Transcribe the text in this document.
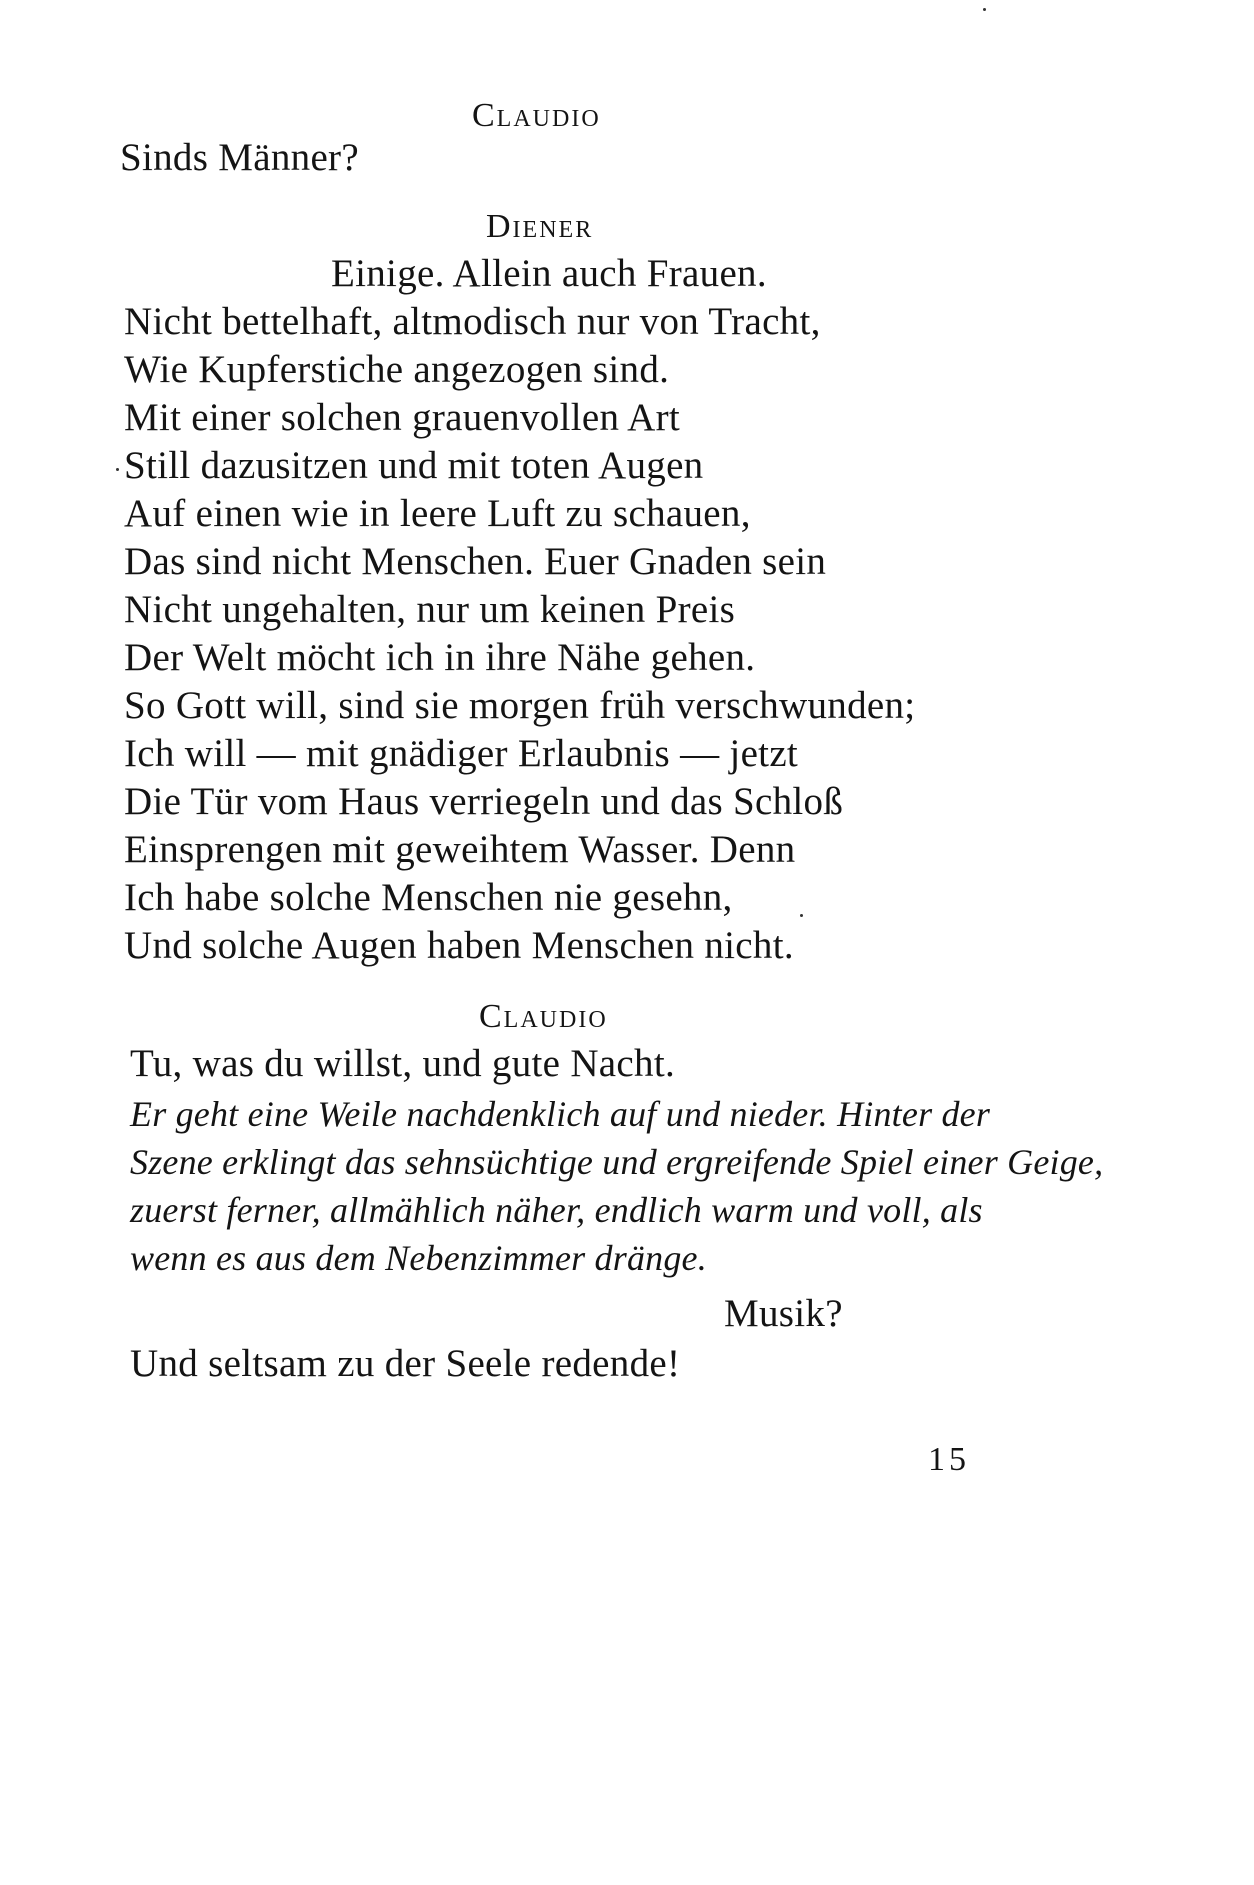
Claudio
Sinds Männer?
Diener
Einige. Allein auch Frauen.
Nicht bettelhaft, altmodisch nur von Tracht,
Wie Kupferstiche angezogen sind.
Mit einer solchen grauenvollen Art
Still dazusitzen und mit toten Augen
Auf einen wie in leere Luft zu schauen,
Das sind nicht Menschen. Euer Gnaden sein
Nicht ungehalten, nur um keinen Preis
Der Welt möcht ich in ihre Nähe gehen.
So Gott will, sind sie morgen früh verschwunden;
Ich will — mit gnädiger Erlaubnis — jetzt
Die Tür vom Haus verriegeln und das Schloß
Einsprengen mit geweihtem Wasser. Denn
Ich habe solche Menschen nie gesehn,
Und solche Augen haben Menschen nicht.
Claudio
Tu, was du willst, und gute Nacht.
Er geht eine Weile nachdenklich auf und nieder. Hinter der
Szene erklingt das sehnsüchtige und ergreifende Spiel einer Geige,
zuerst ferner, allmählich näher, endlich warm und voll, als
wenn es aus dem Nebenzimmer dränge.
Musik?
Und seltsam zu der Seele redende!
15
